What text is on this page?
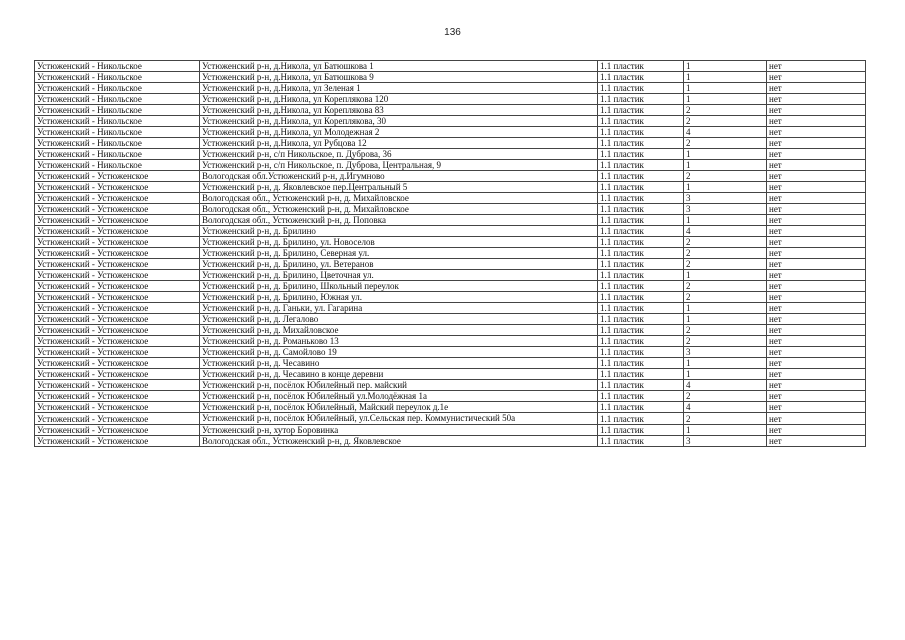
136
Устюженский - Никольское	Устюженский р-н, д.Никола, ул Батюшкова 1	1.1 пластик	1	нет
Устюженский - Никольское	Устюженский р-н, д.Никола, ул Батюшкова 9	1.1 пластик	1	нет
Устюженский - Никольское	Устюженский р-н, д.Никола, ул Зеленая 1	1.1 пластик	1	нет
Устюженский - Никольское	Устюженский р-н, д.Никола, ул Кореплякова 120	1.1 пластик	1	нет
Устюженский - Никольское	Устюженский р-н, д.Никола, ул Кореплякова 83	1.1 пластик	2	нет
Устюженский - Никольское	Устюженский р-н, д.Никола, ул Кореплякова, 30	1.1 пластик	2	нет
Устюженский - Никольское	Устюженский р-н, д.Никола, ул Молодежная 2	1.1 пластик	4	нет
Устюженский - Никольское	Устюженский р-н, д.Никола, ул Рубцова 12	1.1 пластик	2	нет
Устюженский - Никольское	Устюженский р-н, с/п Никольское, п. Дуброва, 36	1.1 пластик	1	нет
Устюженский - Никольское	Устюженский р-н, с/п Никольское, п. Дуброва, Центральная, 9	1.1 пластик	1	нет
Устюженский - Устюженское	Вологодская обл.Устюженский р-н, д.Игумново	1.1 пластик	2	нет
Устюженский - Устюженское	Устюженский р-н, д. Яковлевское пер.Центральный 5	1.1 пластик	1	нет
Устюженский - Устюженское	Вологодская обл., Устюженский р-н, д. Михайловское	1.1 пластик	3	нет
Устюженский - Устюженское	Вологодская обл., Устюженский р-н, д. Михайловское	1.1 пластик	3	нет
Устюженский - Устюженское	Вологодская обл., Устюженский р-н, д. Поповка	1.1 пластик	1	нет
Устюженский - Устюженское	Устюженский р-н, д. Брилино	1.1 пластик	4	нет
Устюженский - Устюженское	Устюженский р-н, д. Брилино, ул. Новоселов	1.1 пластик	2	нет
Устюженский - Устюженское	Устюженский р-н, д. Брилино, Северная ул.	1.1 пластик	2	нет
Устюженский - Устюженское	Устюженский р-н, д. Брилино, ул. Ветеранов	1.1 пластик	2	нет
Устюженский - Устюженское	Устюженский р-н, д. Брилино, Цветочная ул.	1.1 пластик	1	нет
Устюженский - Устюженское	Устюженский р-н, д. Брилино, Школьный переулок	1.1 пластик	2	нет
Устюженский - Устюженское	Устюженский р-н, д. Брилино, Южная ул.	1.1 пластик	2	нет
Устюженский - Устюженское	Устюженский р-н, д. Ганьки, ул. Гагарина	1.1 пластик	1	нет
Устюженский - Устюженское	Устюженский р-н, д. Легалово	1.1 пластик	1	нет
Устюженский - Устюженское	Устюженский р-н, д. Михайловское	1.1 пластик	2	нет
Устюженский - Устюженское	Устюженский р-н, д. Романьково 13	1.1 пластик	2	нет
Устюженский - Устюженское	Устюженский р-н, д. Самойлово 19	1.1 пластик	3	нет
Устюженский - Устюженское	Устюженский р-н, д. Чесавино	1.1 пластик	1	нет
Устюженский - Устюженское	Устюженский р-н, д. Чесавино в конце деревни	1.1 пластик	1	нет
Устюженский - Устюженское	Устюженский р-н, посёлок Юбилейный пер. майский	1.1 пластик	4	нет
Устюженский - Устюженское	Устюженский р-н, посёлок Юбилейный ул.Молодёжная 1а	1.1 пластик	2	нет
Устюженский - Устюженское	Устюженский р-н, посёлок Юбилейный, Майский переулок д.1е	1.1 пластик	4	нет
Устюженский - Устюженское	Устюженский р-н, посёлок Юбилейный, ул.Сельская пер. Коммунистический 50а	1.1 пластик	2	нет
Устюженский - Устюженское	Устюженский р-н, хутор Боровинка	1.1 пластик	1	нет
Устюженский - Устюженское	Вологодская обл., Устюженский р-н, д. Яковлевское	1.1 пластик	3	нет
